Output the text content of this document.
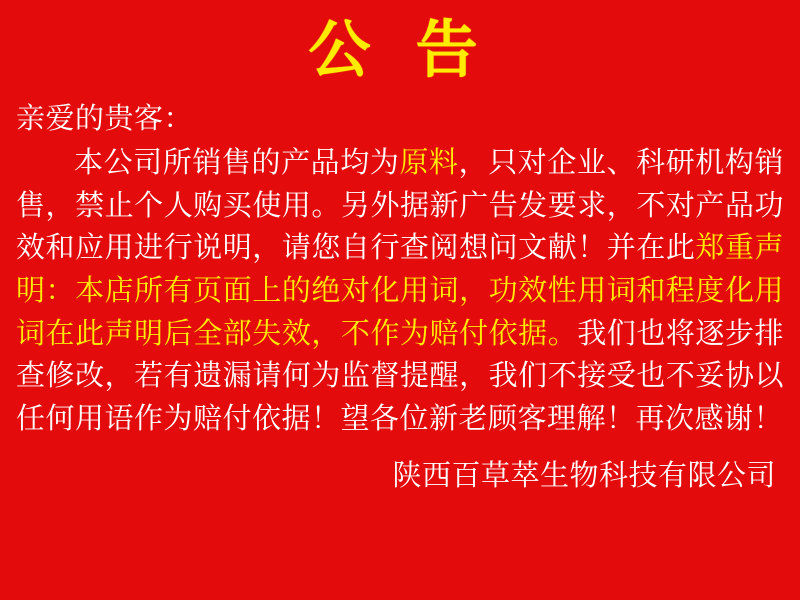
公 告

亲爱的贵客：

本公司所销售的产品均为原料，只对企业、科研机构销售，禁止个人购买使用。另外据新广告发要求，不对产品功效和应用进行说明，请您自行查阅想问文献！并在此郑重声明：本店所有页面上的绝对化用词，功效性用词和程度化用词在此声明后全部失效，不作为赔付依据。我们也将逐步排查修改，若有遗漏请何为监督提醒，我们不接受也不妥协以任何用语作为赔付依据！望各位新老顾客理解！再次感谢！

陕西百草萃生物科技有限公司
